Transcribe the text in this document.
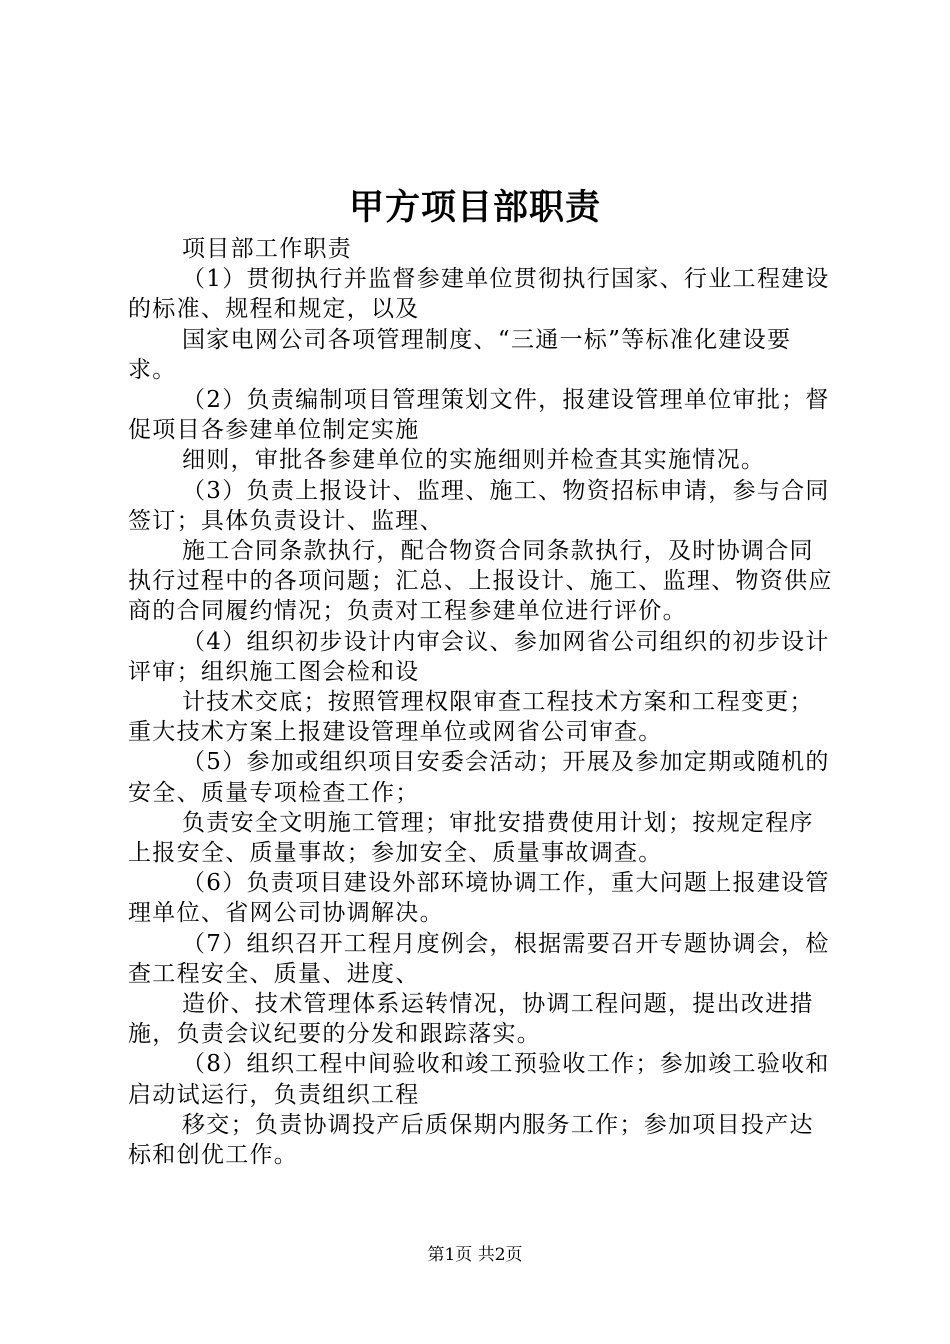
甲方项目部职责

项目部工作职责

（1）贯彻执行并监督参建单位贯彻执行国家、行业工程建设的标准、规程和规定，以及

国家电网公司各项管理制度、“三通一标”等标准化建设要求。

（2）负责编制项目管理策划文件，报建设管理单位审批；督促项目各参建单位制定实施

细则，审批各参建单位的实施细则并检查其实施情况。

（3）负责上报设计、监理、施工、物资招标申请，参与合同签订；具体负责设计、监理、

施工合同条款执行，配合物资合同条款执行，及时协调合同执行过程中的各项问题；汇总、上报设计、施工、监理、物资供应商的合同履约情况；负责对工程参建单位进行评价。

（4）组织初步设计内审会议、参加网省公司组织的初步设计评审；组织施工图会检和设

计技术交底；按照管理权限审查工程技术方案和工程变更；重大技术方案上报建设管理单位或网省公司审查。

（5）参加或组织项目安委会活动；开展及参加定期或随机的安全、质量专项检查工作；

负责安全文明施工管理；审批安措费使用计划；按规定程序上报安全、质量事故；参加安全、质量事故调查。

（6）负责项目建设外部环境协调工作，重大问题上报建设管理单位、省网公司协调解决。

（7）组织召开工程月度例会，根据需要召开专题协调会，检查工程安全、质量、进度、

造价、技术管理体系运转情况，协调工程问题，提出改进措施，负责会议纪要的分发和跟踪落实。

（8）组织工程中间验收和竣工预验收工作；参加竣工验收和启动试运行，负责组织工程

移交；负责协调投产后质保期内服务工作；参加项目投产达标和创优工作。

第1页 共2页
